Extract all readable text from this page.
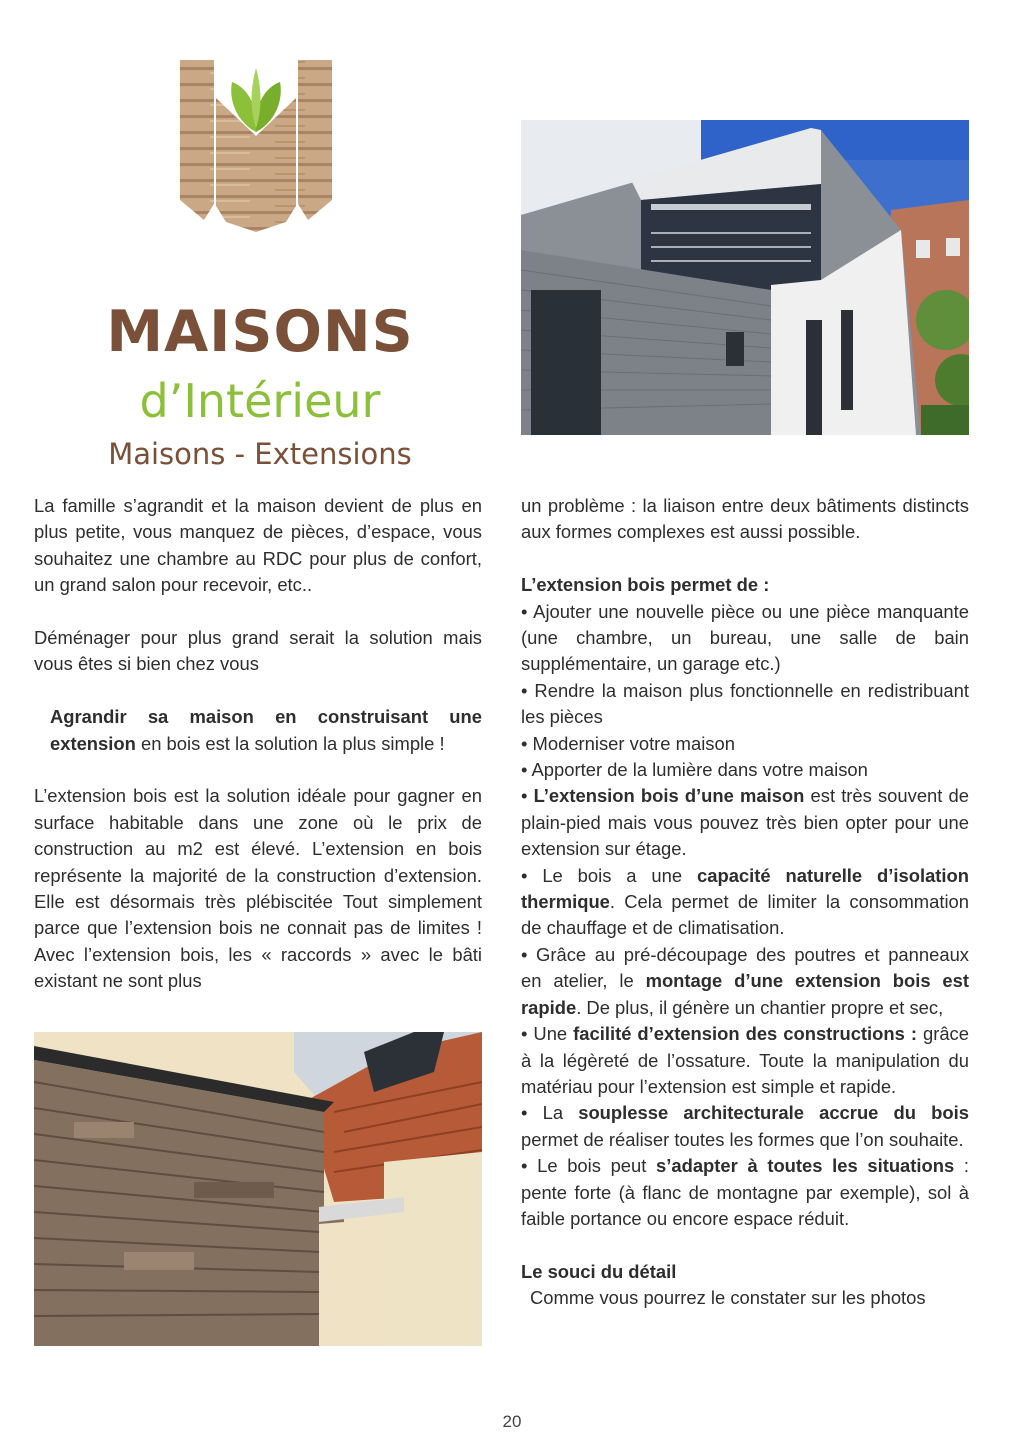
MAISONS
d’Intérieur
Maisons - Extensions

La famille s’agrandit et la maison devient de plus en plus petite, vous manquez de pièces, d’espace, vous souhaitez une chambre au RDC pour plus de confort, un grand salon pour recevoir, etc..

Déménager pour plus grand serait la solution mais vous êtes si bien chez vous

Agrandir sa maison en construisant une extension en bois est la solution la plus simple !

L’extension bois est la solution idéale pour gagner en surface habitable dans une zone où le prix de construction au m2 est élevé. L’extension en bois représente la majorité de la construction d’extension. Elle est désormais très plébiscitée Tout simplement parce que l’extension bois ne connait pas de limites ! Avec l’extension bois, les « raccords » avec le bâti existant ne sont plus

un problème : la liaison entre deux bâtiments distincts aux formes complexes est aussi possible.

L’extension bois permet de :

• Ajouter une nouvelle pièce ou une pièce manquante (une chambre, un bureau, une salle de bain supplémentaire, un garage etc.)

• Rendre la maison plus fonctionnelle en redistribuant les pièces

• Moderniser votre maison

• Apporter de la lumière dans votre maison

• L’extension bois d’une maison est très souvent de plain-pied mais vous pouvez très bien opter pour une extension sur étage.

• Le bois a une capacité naturelle d’isolation thermique. Cela permet de limiter la consommation de chauffage et de climatisation.

• Grâce au pré-découpage des poutres et panneaux en atelier, le montage d’une extension bois est rapide. De plus, il génère un chantier propre et sec,

• Une facilité d’extension des constructions : grâce à la légèreté de l’ossature. Toute la manipulation du matériau pour l’extension est simple et rapide.

• La souplesse architecturale accrue du bois permet de réaliser toutes les formes que l’on souhaite.

• Le bois peut s’adapter à toutes les situations : pente forte (à flanc de montagne par exemple), sol à faible portance ou encore espace réduit.

Le souci du détail

Comme vous pourrez le constater sur les photos

20
